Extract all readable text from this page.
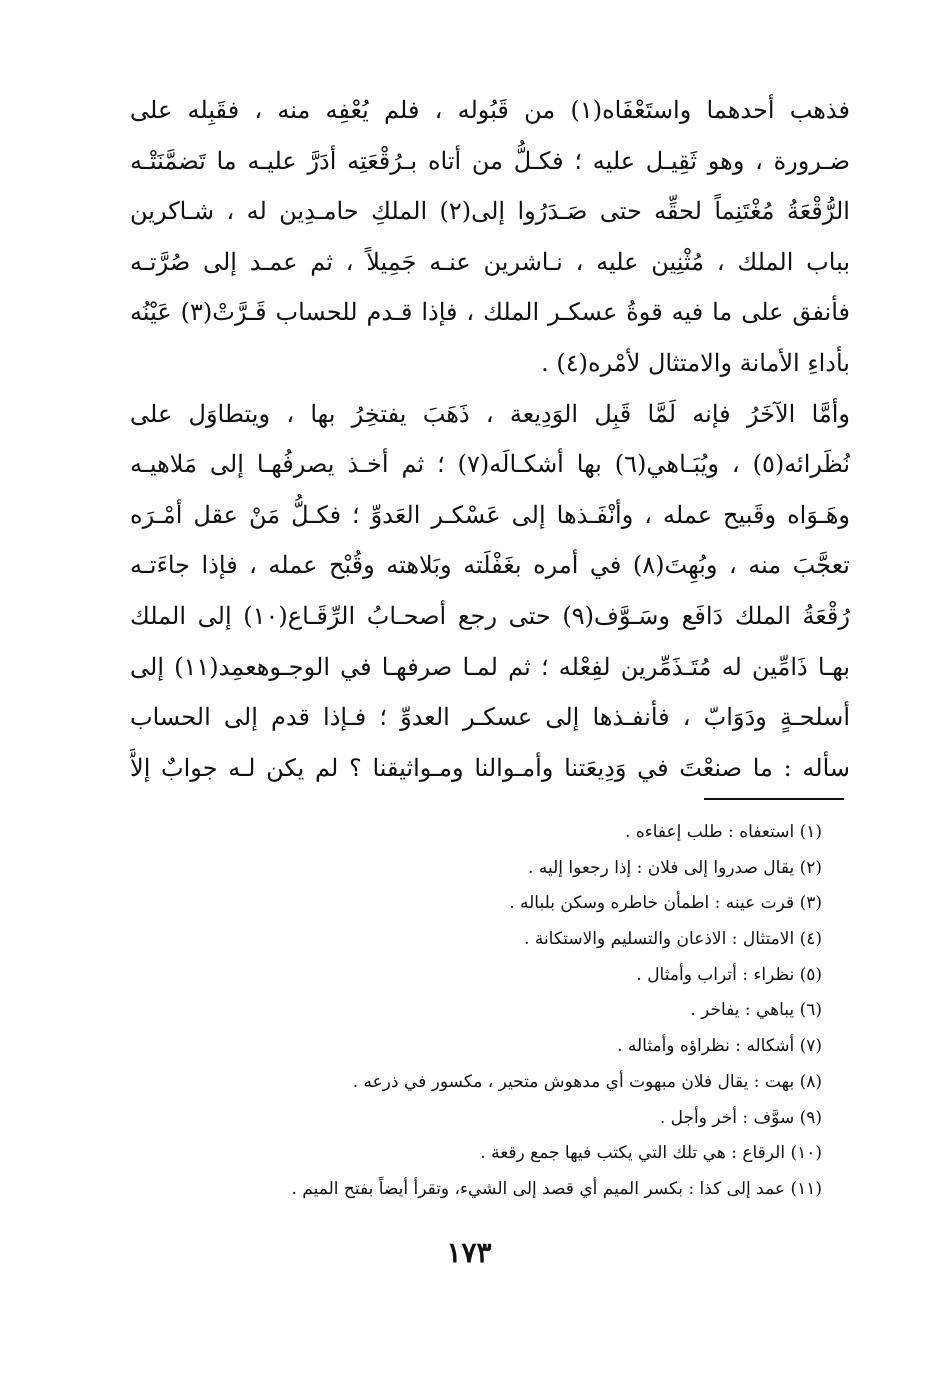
فذهب أحدهما واستَعْفَاه(١) من قَبُوله ، فلم يُعْفِه منه ، فقَبِله على
ضـرورة ، وهو ثَقِيـل عليه ؛ فكـلُّ من أتاه بـرُقْعَتِه أدَرَّ عليـه ما تَضمَّنَتْـه
الرُّقْعَةُ مُغْتَنِماً لحقِّه حتى صَـدَرُوا إلى(٢) الملكِ حامـدِين له ، شـاكرين
بباب الملك ، مُثْنِين عليه ، نـاشرين عنـه جَمِيلاً ، ثم عمـد إلى صُرَّتـه
فأنفق على ما فيه قوةُ عسكـر الملك ، فإذا قـدم للحساب قَـرَّتْ(٣) عَيْنُه
بأداءِ الأمانة والامتثال لأمْره(٤) .
وأمَّا الآخَرُ فإنه لَمَّا قَبِل الوَدِيعة ، ذَهَبَ يفتخِرُ بها ، ويتطاوَل على
نُظَرائه(٥) ، ويُبَـاهي(٦) بها أشكـالَه(٧) ؛ ثم أخـذ يصرفُهـا إلى مَلاهيـه
وهَـوَاه وقَبيح عمله ، وأنْفَـذها إلى عَسْكـر العَدوِّ ؛ فكـلُّ مَنْ عقل أمْـرَه
تعجَّبَ منه ، وبُهِتَ(٨) في أمره بغَفْلَته وبَلاهته وقُبْح عمله ، فإذا جاءَتـه
رُقْعَةُ الملك دَافَع وسَـوَّف(٩) حتى رجع أصحـابُ الرِّقَـاع(١٠) إلى الملك
بهـا ذَامِّين له مُتَـذَمِّرين لفِعْله ؛ ثم لمـا صرفهـا في الوجـوهعمِد(١١) إلى
أسلحـةٍ ودَوَابّ ، فأنفـذها إلى عسكـر العدوِّ ؛ فـإذا قدم إلى الحساب
سأله : ما صنعْتَ في وَدِيعَتنا وأمـوالنا ومـواثيقنا ؟ لم يكن لـه جوابٌ إلاَّ
(١) استعفاه : طلب إعفاءه .
(٢) يقال صدروا إلى فلان : إذا رجعوا إليه .
(٣) قرت عينه : اطمأن خاطره وسكن بلباله .
(٤) الامتثال : الاذعان والتسليم والاستكانة .
(٥) نظراء : أتراب وأمثال .
(٦) يباهي : يفاخر .
(٧) أشكاله : نظراؤه وأمثاله .
(٨) بهت : يقال فلان مبهوت أي مدهوش متحير ، مكسور في ذرعه .
(٩) سوَّف : أخر وأجل .
(١٠) الرقاع : هي تلك التي يكتب فيها جمع رقعة .
(١١) عمد إلى كذا : بكسر الميم أي قصد إلى الشيء، وتقرأ أيضاً بفتح الميم .
١٧٣
